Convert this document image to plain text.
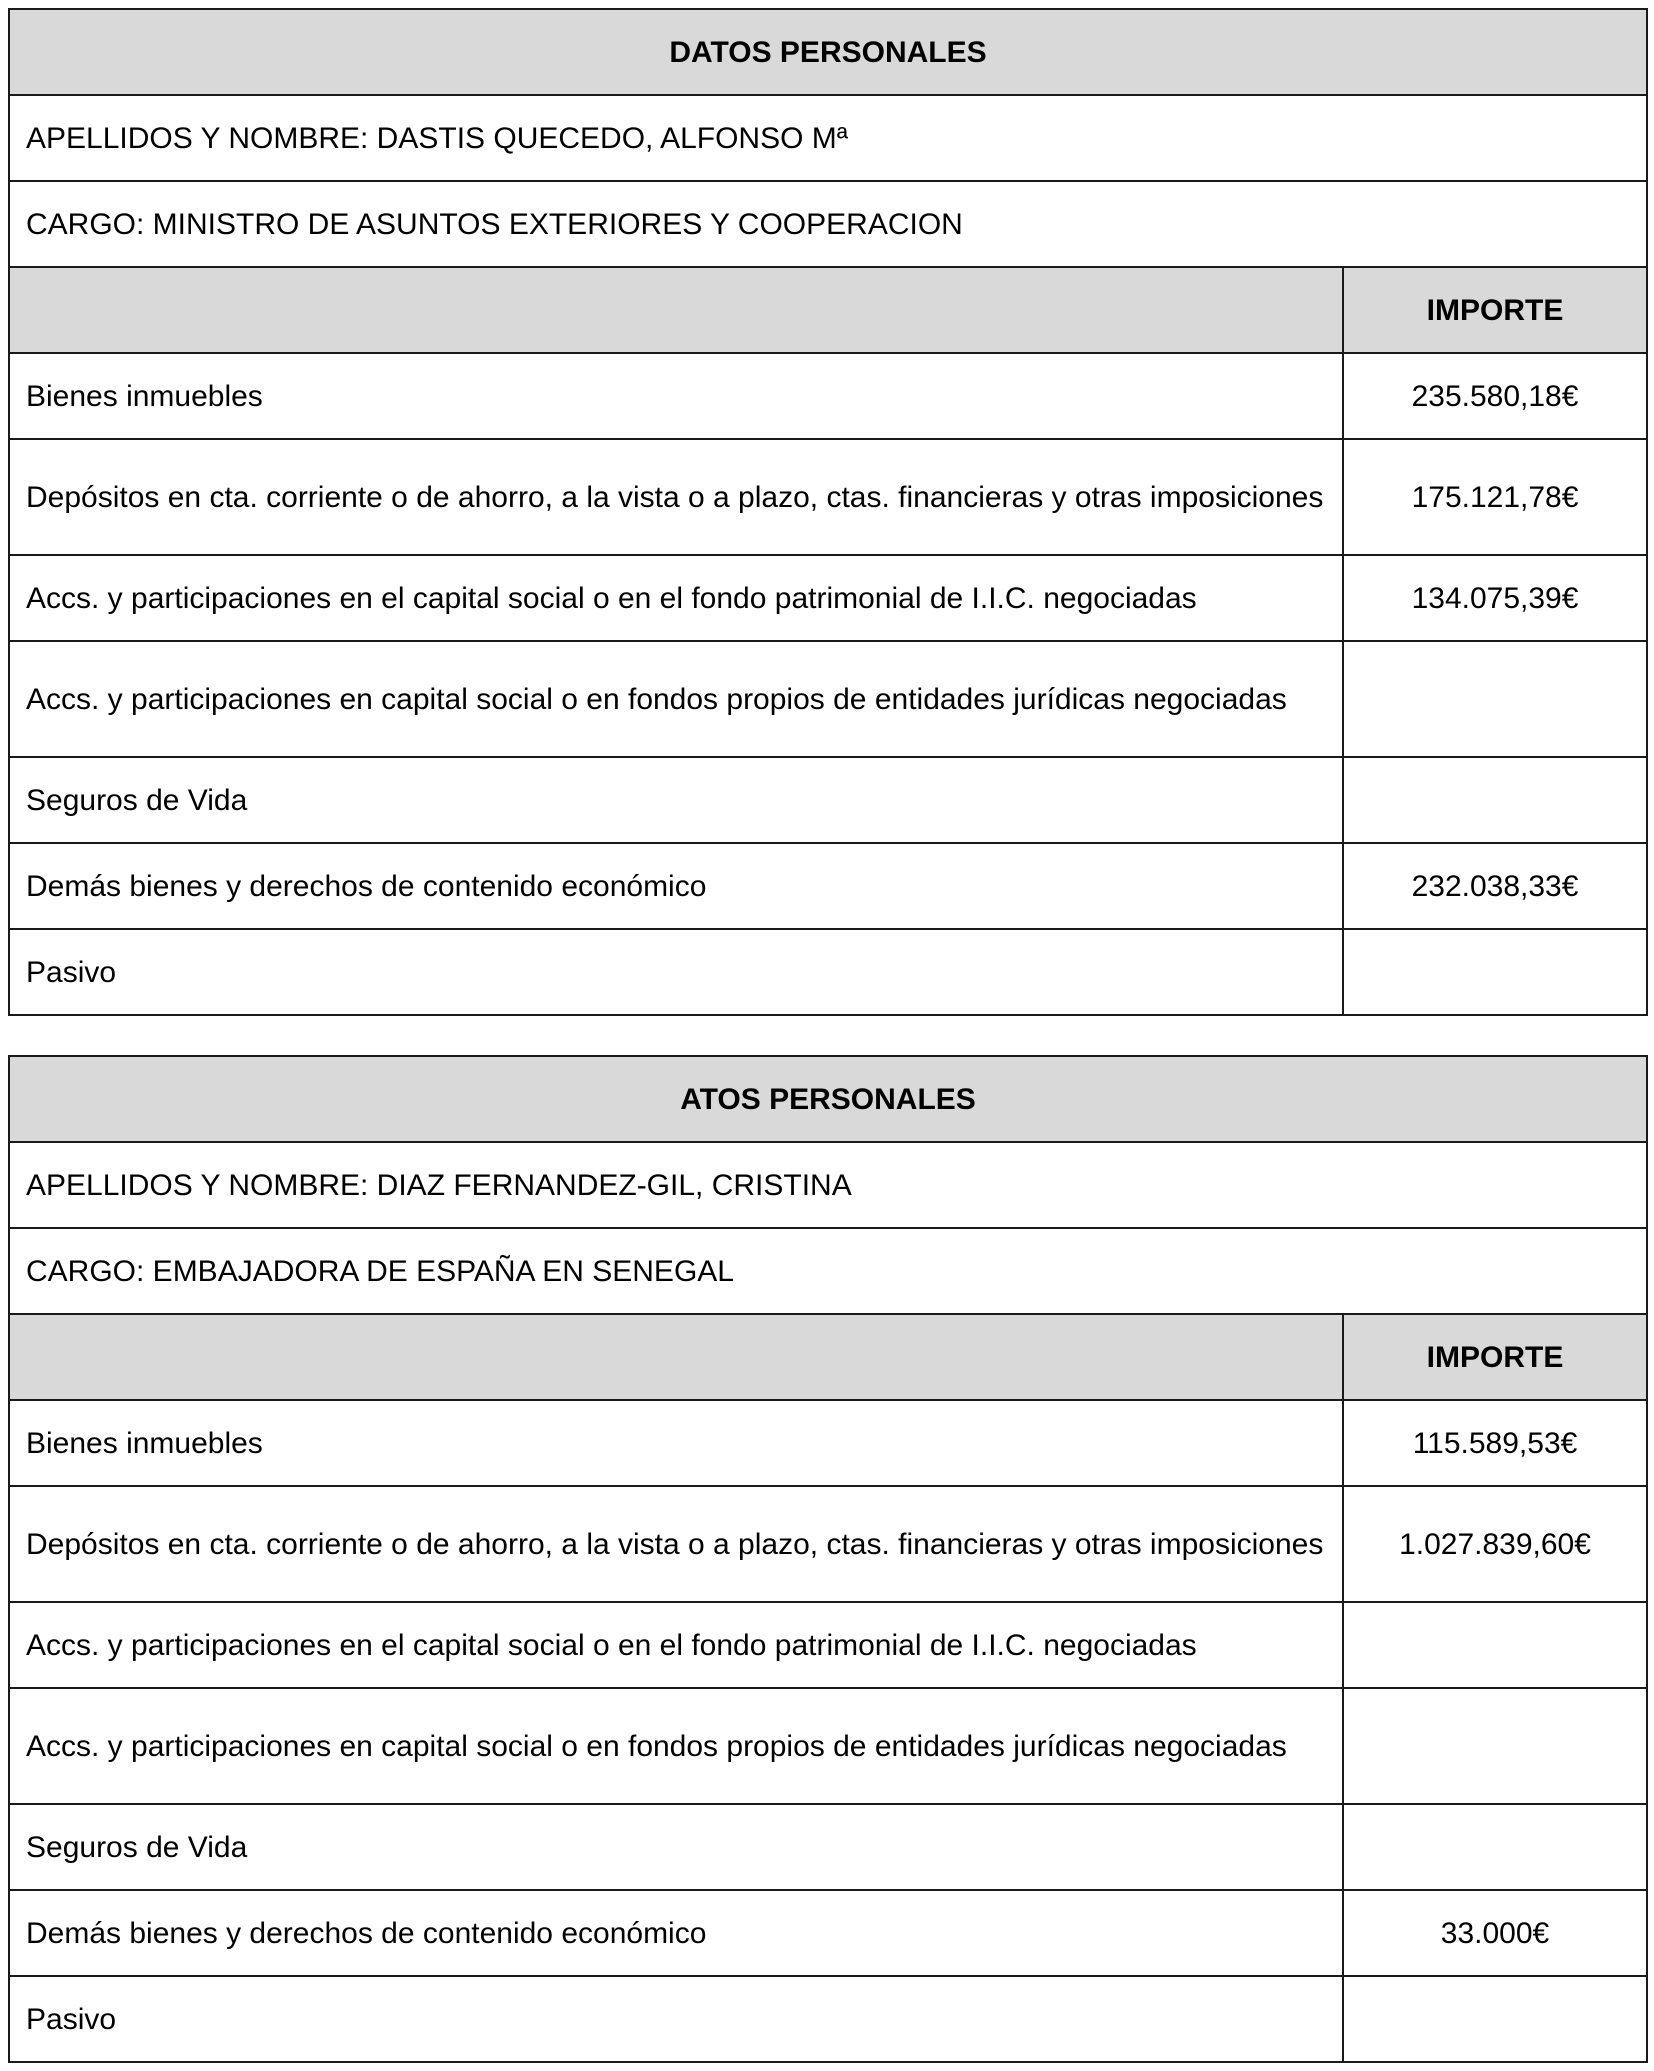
DATOS PERSONALES	
APELLIDOS Y NOMBRE: DASTIS QUECEDO, ALFONSO Mª	
CARGO: MINISTRO DE ASUNTOS EXTERIORES Y COOPERACION	
	IMPORTE
Bienes inmuebles	235.580,18€
Depósitos en cta. corriente o de ahorro, a la vista o a plazo, ctas. financieras y otras imposiciones	175.121,78€
Accs. y participaciones en el capital social o en el fondo patrimonial de I.I.C. negociadas	134.075,39€
Accs. y participaciones en capital social o en fondos propios de entidades jurídicas negociadas	
Seguros de Vida	
Demás bienes y derechos de contenido económico	232.038,33€
Pasivo	
ATOS PERSONALES	
APELLIDOS Y NOMBRE: DIAZ FERNANDEZ-GIL, CRISTINA	
CARGO: EMBAJADORA DE ESPAÑA EN SENEGAL	
	IMPORTE
Bienes inmuebles	115.589,53€
Depósitos en cta. corriente o de ahorro, a la vista o a plazo, ctas. financieras y otras imposiciones	1.027.839,60€
Accs. y participaciones en el capital social o en el fondo patrimonial de I.I.C. negociadas	
Accs. y participaciones en capital social o en fondos propios de entidades jurídicas negociadas	
Seguros de Vida	
Demás bienes y derechos de contenido económico	33.000€
Pasivo	
